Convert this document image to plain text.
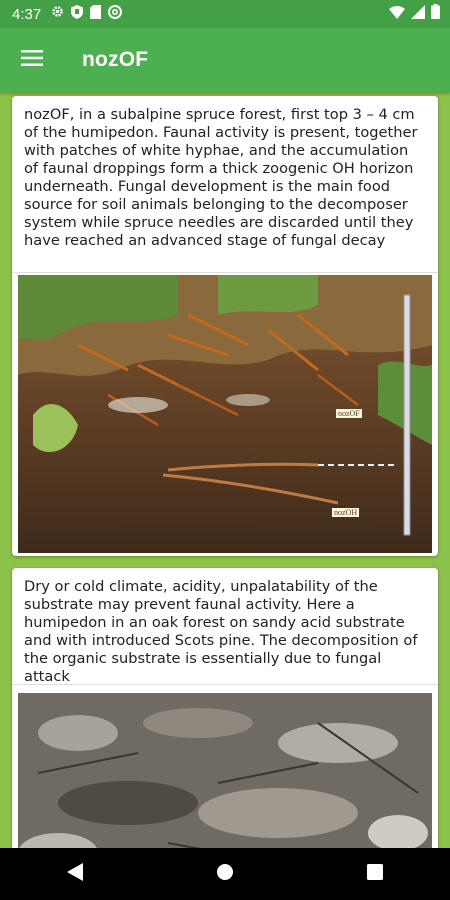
4:37
nozOF
nozOF, in a subalpine spruce forest, first top 3 – 4 cm of the humipedon. Faunal activity is present, together with patches of white hyphae, and the accumulation of faunal droppings form a thick zoogenic OH horizon underneath. Fungal development is the main food source for soil animals belonging to the decomposer system while spruce needles are discarded until they have reached an advanced stage of fungal decay
nozOF
nozOH
Dry or cold climate, acidity, unpalatability of the substrate may prevent faunal activity. Here a humipedon in an oak forest on sandy acid substrate and with introduced Scots pine. The decomposition of the organic substrate is essentially due to fungal attack
